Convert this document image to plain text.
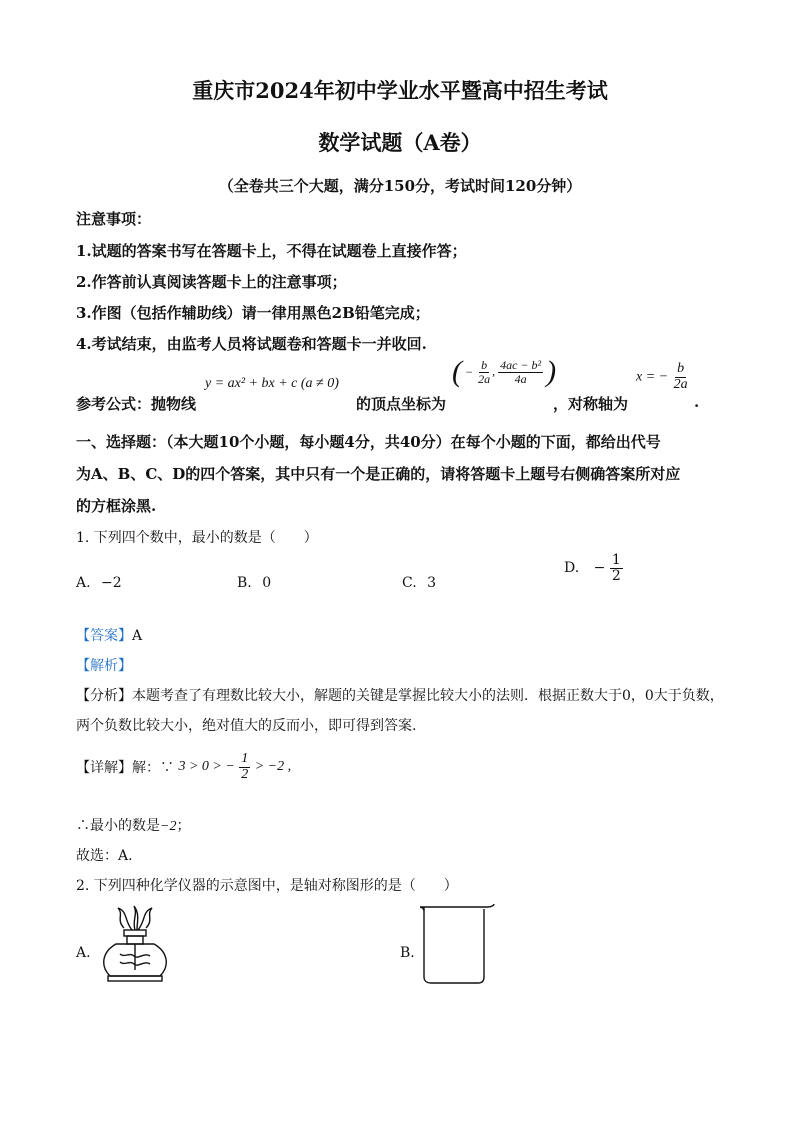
重庆市2024年初中学业水平暨高中招生考试
数学试题（A卷）
（全卷共三个大题，满分150分，考试时间120分钟）
注意事项：
1.试题的答案书写在答题卡上，不得在试题卷上直接作答；
2.作答前认真阅读答题卡上的注意事项；
3.作图（包括作辅助线）请一律用黑色2B铅笔完成；
4.考试结束，由监考人员将试题卷和答题卡一并收回.
参考公式：抛物线
y = ax² + bx + c (a ≠ 0)
的顶点坐标为
( −
$\frac{b}{2a}$ , $\frac{\text{4ac − b²}}{4a}$ )
，对称轴为
x = − $\frac{b}{2a}$
.
一、选择题：（本大题10个小题，每小题4分，共40分）在每个小题的下面，都给出代号
为A、B、C、D的四个答案，其中只有一个是正确的，请将答题卡上题号右侧确答案所对应
的方框涂黑.
1. 下列四个数中，最小的数是（　　）
A. −2	B. 0	C. 3
D. − $\frac{1}{2}$
【答案】A
【解析】
【分析】本题考查了有理数比较大小，解题的关键是掌握比较大小的法则．根据正数大于0，0大于负数，
两个负数比较大小，绝对值大的反而小，即可得到答案.
【详解】解：∵ 3 > 0 > − $\frac{1}{2} > -2$ ,
∴最小的数是−2；
故选：A.
2. 下列四种化学仪器的示意图中，是轴对称图形的是（　　）
A.	B.
